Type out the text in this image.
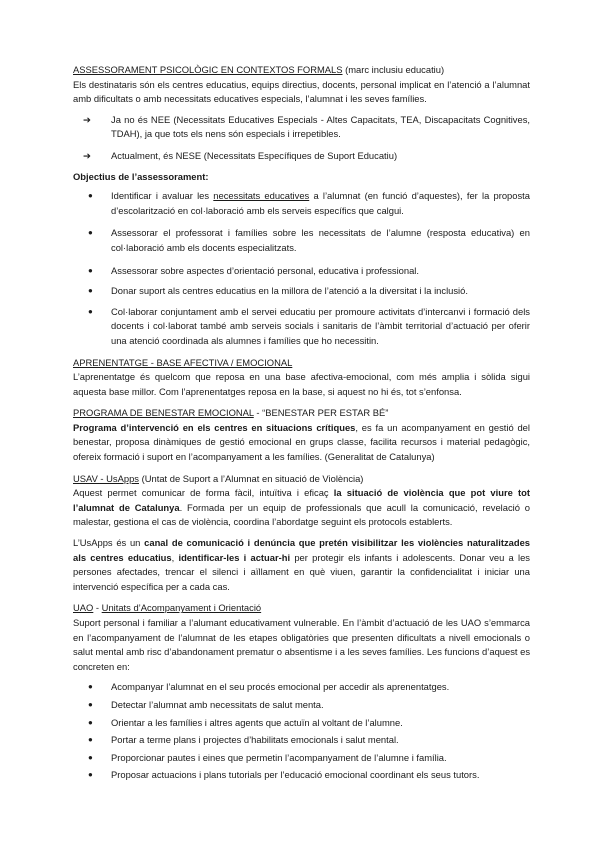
ASSESSORAMENT PSICOLÒGIC EN CONTEXTOS FORMALS (marc inclusiu educatiu)

Els destinataris són els centres educatius, equips directius, docents, personal implicat en l’atenció a l’alumnat amb dificultats o amb necessitats educatives especials, l’alumnat i les seves famílies.

➔ Ja no és NEE (Necessitats Educatives Especials - Altes Capacitats, TEA, Discapacitats Cognitives, TDAH), ja que tots els nens són especials i irrepetibles.
➔ Actualment, és NESE (Necessitats Específiques de Suport Educatiu)

Objectius de l’assessorament:

● Identificar i avaluar les necessitats educatives a l’alumnat (en funció d’aquestes), fer la proposta d’escolarització en col·laboració amb els serveis específics que calgui.
● Assessorar el professorat i famílies sobre les necessitats de l’alumne (resposta educativa) en col·laboració amb els docents especialitzats.
● Assessorar sobre aspectes d’orientació personal, educativa i professional.
● Donar suport als centres educatius en la millora de l’atenció a la diversitat i la inclusió.
● Col·laborar conjuntament amb el servei educatiu per promoure activitats d’intercanvi i formació dels docents i col·laborat també amb serveis socials i sanitaris de l’àmbit territorial d’actuació per oferir una atenció coordinada als alumnes i famílies que ho necessitin.

APRENENTATGE - BASE AFECTIVA / EMOCIONAL

L’aprenentatge és quelcom que reposa en una base afectiva-emocional, com més amplia i sòlida sigui aquesta base millor. Com l’aprenentatges reposa en la base, si aquest no hi és, tot s’enfonsa.

PROGRAMA DE BENESTAR EMOCIONAL - “BENESTAR PER ESTAR BÉ”

Programa d’intervenció en els centres en situacions crítiques, es fa un acompanyament en gestió del benestar, proposa dinàmiques de gestió emocional en grups classe, facilita recursos i material pedagògic, ofereix formació i suport en l’acompanyament a les famílies. (Generalitat de Catalunya)

USAV - UsApps (Untat de Suport a l’Alumnat en situació de Violència)

Aquest permet comunicar de forma fàcil, intuïtiva i eficaç la situació de violència que pot viure tot l’alumnat de Catalunya. Formada per un equip de professionals que acull la comunicació, revelació o malestar, gestiona el cas de violència, coordina l’abordatge seguint els protocols establerts.

L’UsApps és un canal de comunicació i denúncia que pretén visibilitzar les violències naturalitzades als centres educatius, identificar-les i actuar-hi per protegir els infants i adolescents. Donar veu a les persones afectades, trencar el silenci i aïllament en què viuen, garantir la confidencialitat i iniciar una intervenció específica per a cada cas.

UAO - Unitats d’Acompanyament i Orientació

Suport personal i familiar a l’alumant educativament vulnerable. En l’àmbit d’actuació de les UAO s’emmarca en l’acompanyament de l’alumnat de les etapes obligatòries que presenten dificultats a nivell emocionals o salut mental amb risc d’abandonament prematur o absentisme i a les seves famílies. Les funcions d’aquest es concreten en:

● Acompanyar l’alumnat en el seu procés emocional per accedir als aprenentatges.
● Detectar l’alumnat amb necessitats de salut menta.
● Orientar a les famílies i altres agents que actuïn al voltant de l’alumne.
● Portar a terme plans i projectes d’habilitats emocionals i salut mental.
● Proporcionar pautes i eines que permetin l’acompanyament de l’alumne i família.
● Proposar actuacions i plans tutorials per l’educació emocional coordinant els seus tutors.
